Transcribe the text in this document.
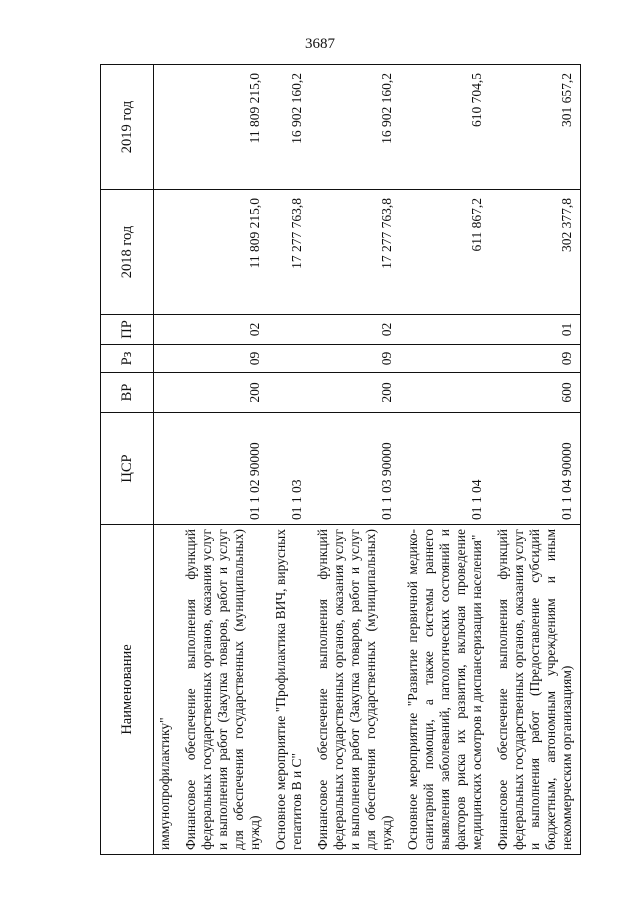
3687
Наименование	ЦСР	ВР	Рз	ПР	2018 год	2019 год
иммунопрофилактику"						
Финансовое обеспечение выполнения функций федеральных государственных органов, оказания услуг и выполнения работ (Закупка товаров, работ и услуг для обеспечения государственных (муниципальных) нужд)	01 1 02 90000	200	09	02	11 809 215,0	11 809 215,0
Основное мероприятие "Профилактика ВИЧ, вирусных гепатитов В и С"	01 1 03				17 277 763,8	16 902 160,2
Финансовое обеспечение выполнения функций федеральных государственных органов, оказания услуг и выполнения работ (Закупка товаров, работ и услуг для обеспечения государственных (муниципальных) нужд)	01 1 03 90000	200	09	02	17 277 763,8	16 902 160,2
Основное мероприятие "Развитие первичной медико-санитарной помощи, а также системы раннего выявления заболеваний, патологических состояний и факторов риска их развития, включая проведение медицинских осмотров и диспансеризации населения"	01 1 04				611 867,2	610 704,5
Финансовое обеспечение выполнения функций федеральных государственных органов, оказания услуг и выполнения работ (Предоставление субсидий бюджетным, автономным учреждениям и иным некоммерческим организациям)	01 1 04 90000	600	09	01	302 377,8	301 657,2
